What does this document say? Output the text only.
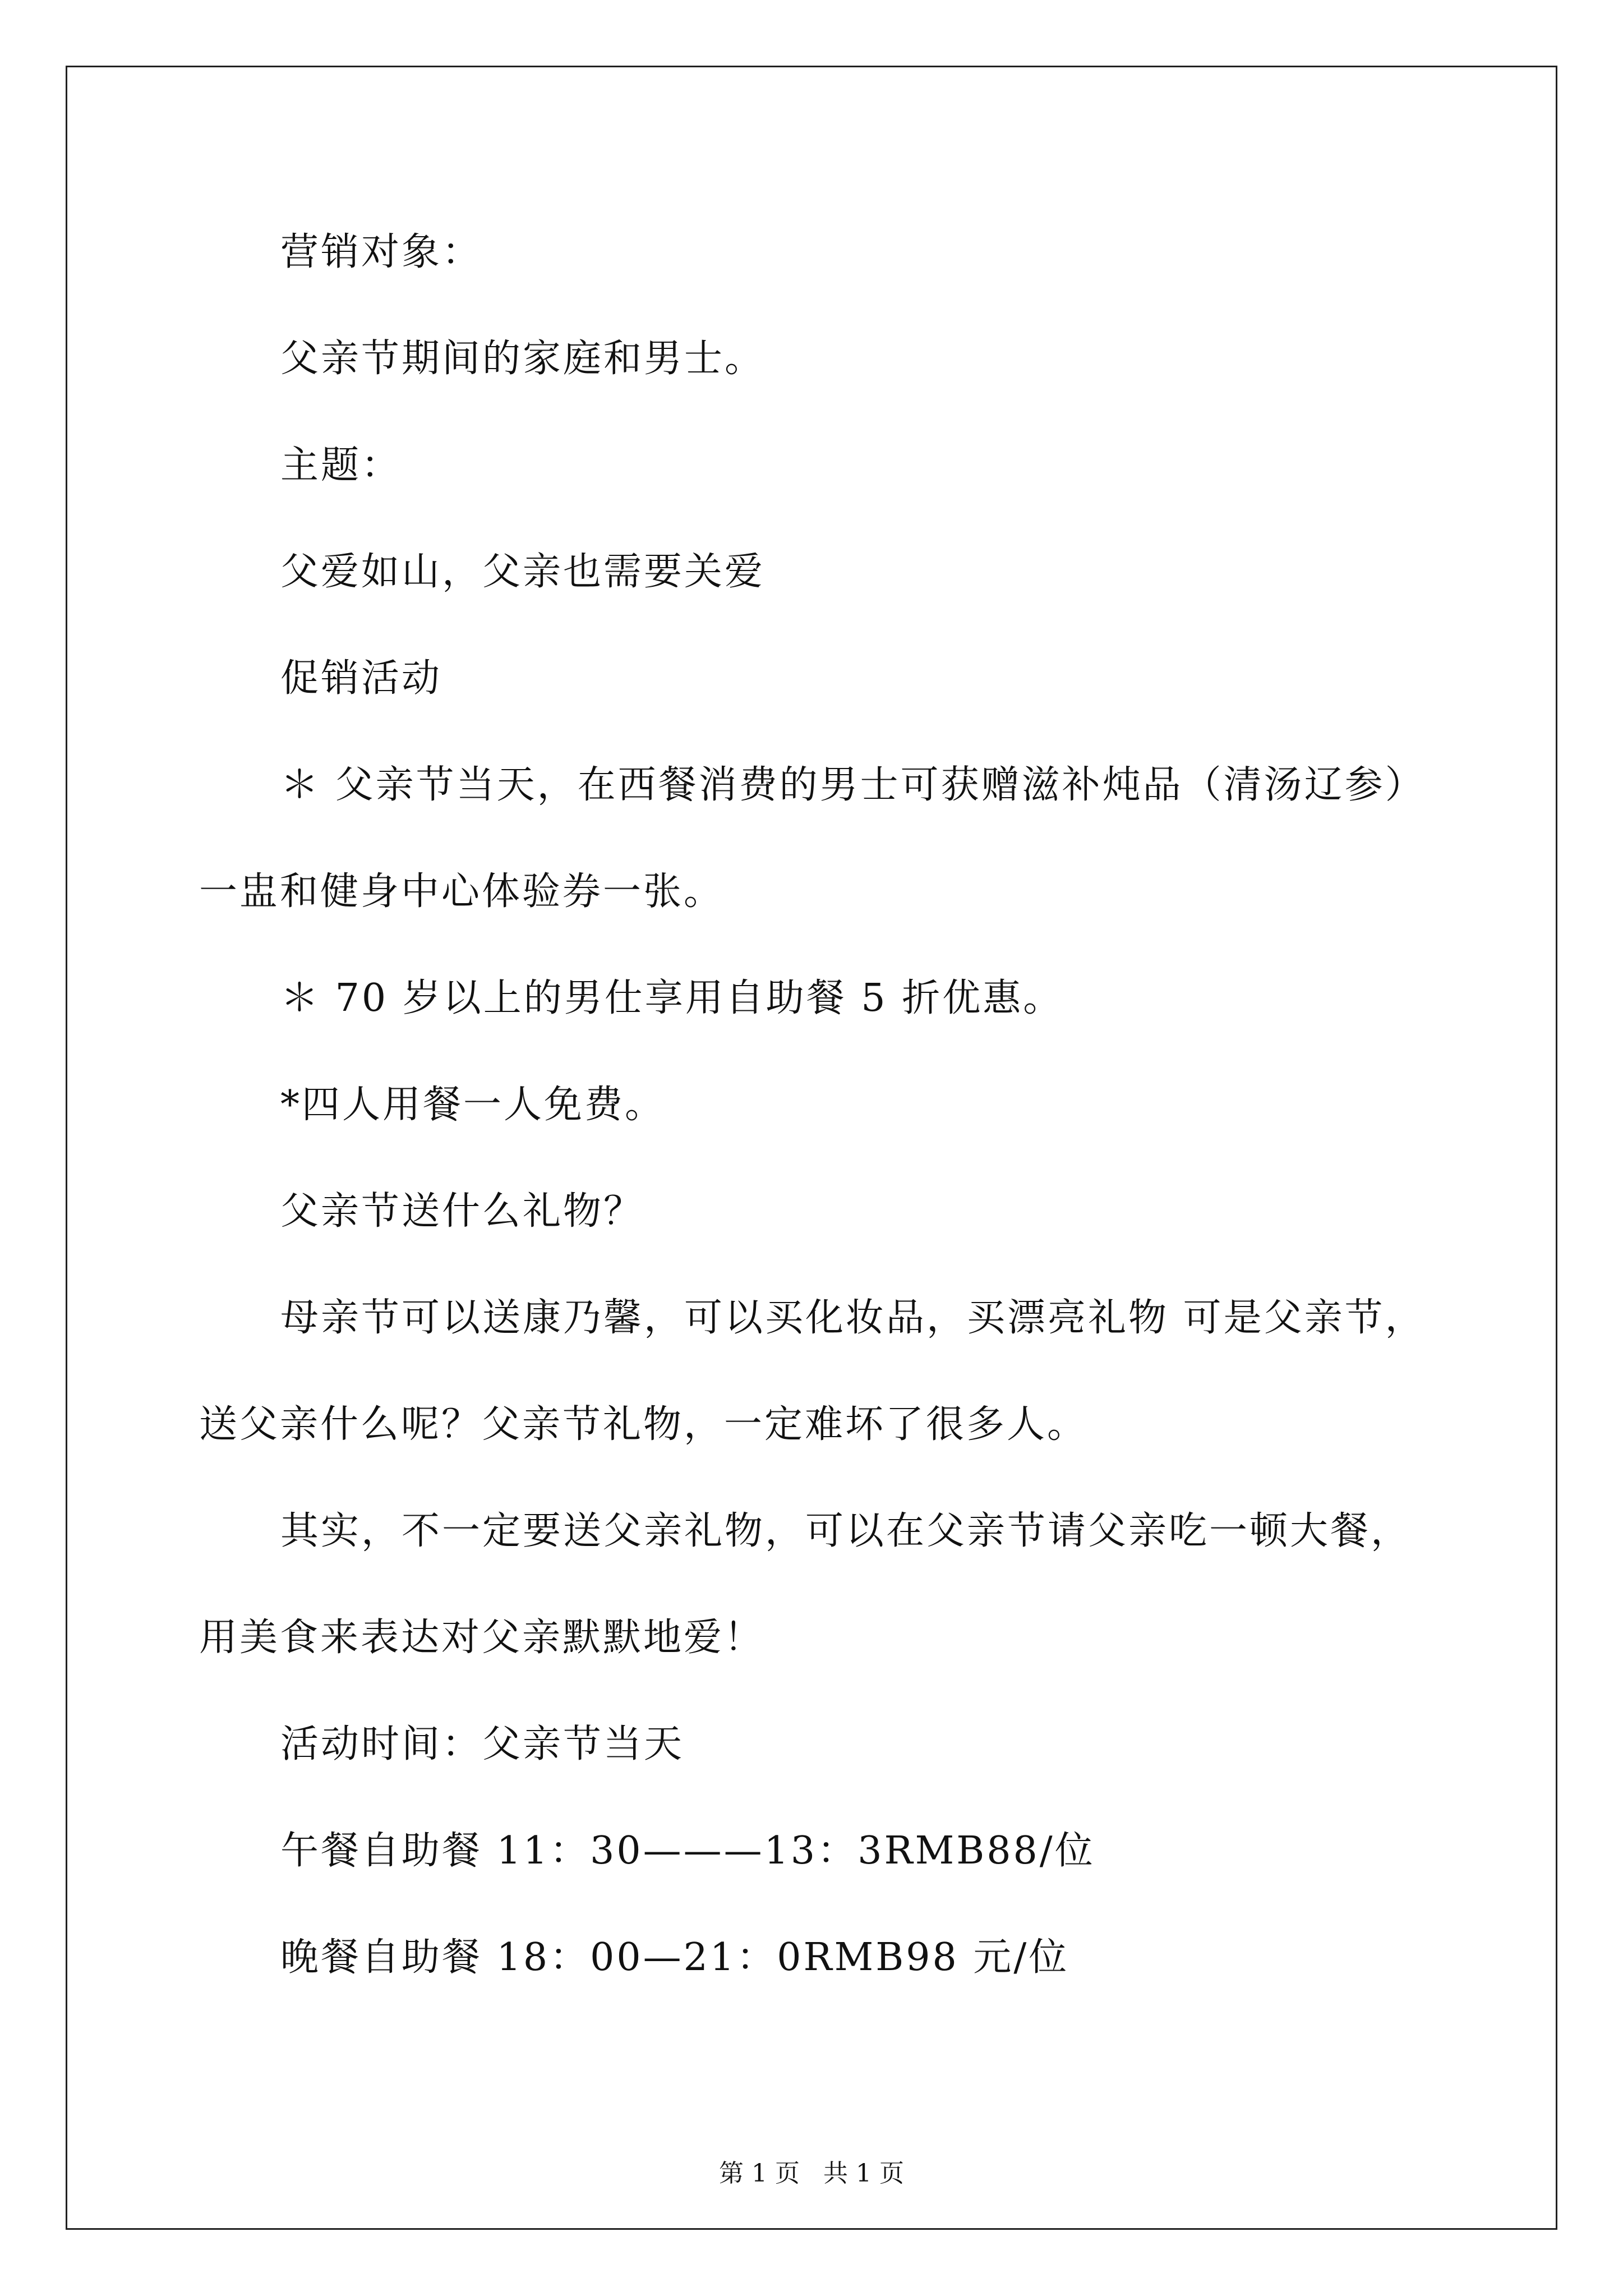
营销对象：
父亲节期间的家庭和男士。
主题：
父爱如山，父亲也需要关爱
促销活动
＊ 父亲节当天，在西餐消费的男士可获赠滋补炖品（清汤辽参）
一盅和健身中心体验券一张。
＊ 70 岁以上的男仕享用自助餐 5 折优惠。
*四人用餐一人免费。
父亲节送什么礼物？
母亲节可以送康乃馨，可以买化妆品，买漂亮礼物 可是父亲节，
送父亲什么呢？父亲节礼物，一定难坏了很多人。
其实，不一定要送父亲礼物，可以在父亲节请父亲吃一顿大餐，
用美食来表达对父亲默默地爱！
活动时间：父亲节当天
午餐自助餐 11：30———13：3RMB88/位
晚餐自助餐 18：00—21：0RMB98 元/位
第 1 页   共 1 页
